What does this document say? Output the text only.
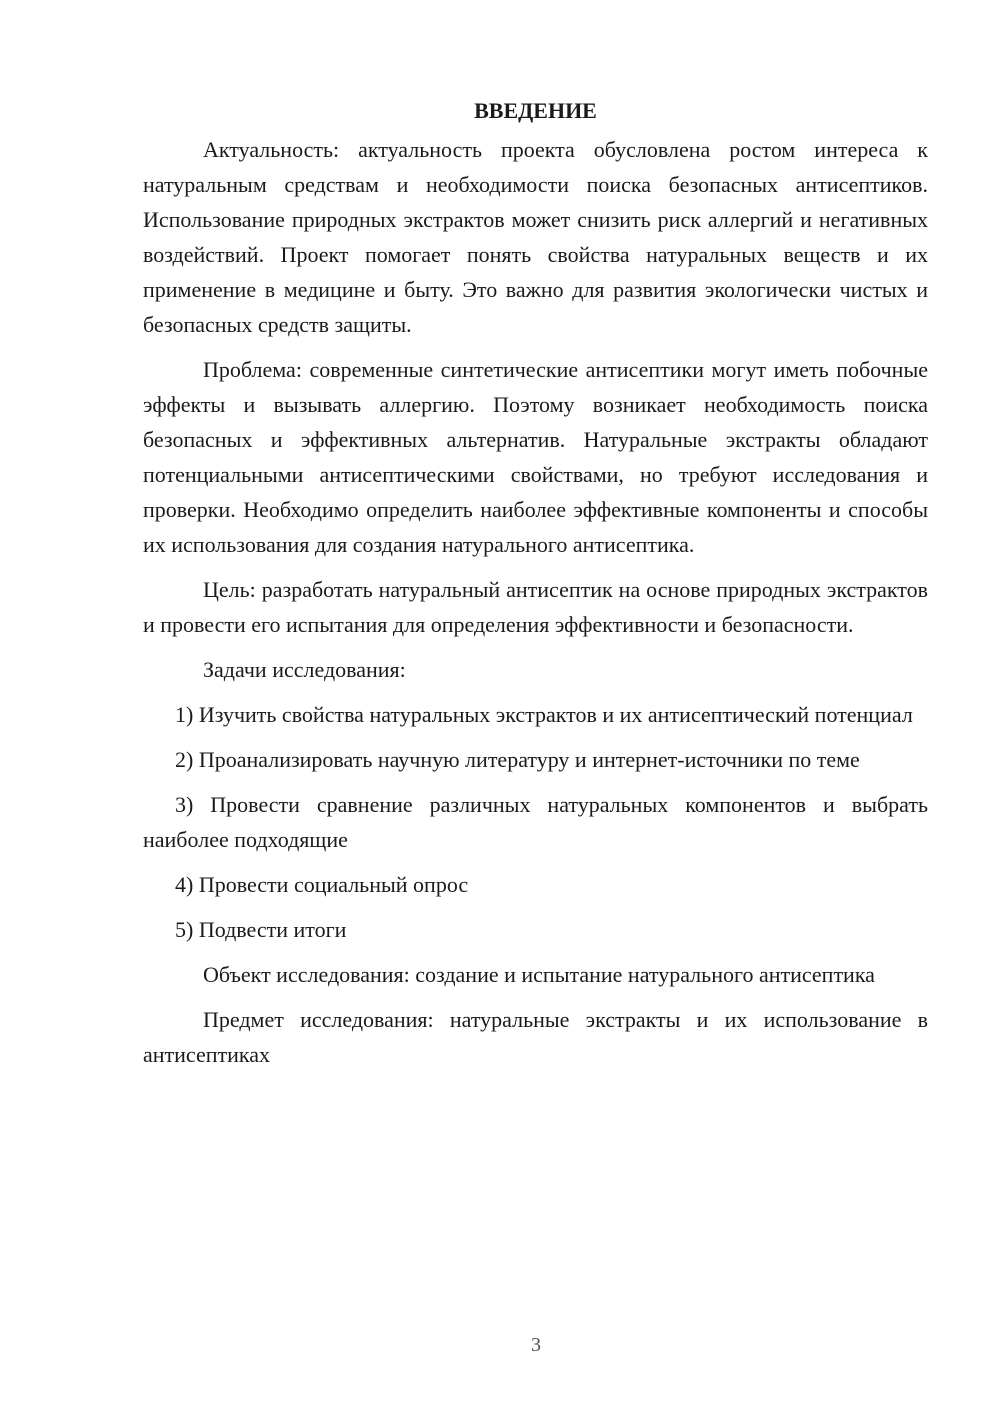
ВВЕДЕНИЕ

Актуальность: актуальность проекта обусловлена ростом интереса к натуральным средствам и необходимости поиска безопасных антисептиков. Использование природных экстрактов может снизить риск аллергий и негативных воздействий. Проект помогает понять свойства натуральных веществ и их применение в медицине и быту. Это важно для развития экологически чистых и безопасных средств защиты.

Проблема: современные синтетические антисептики могут иметь побочные эффекты и вызывать аллергию. Поэтому возникает необходимость поиска безопасных и эффективных альтернатив. Натуральные экстракты обладают потенциальными антисептическими свойствами, но требуют исследования и проверки. Необходимо определить наиболее эффективные компоненты и способы их использования для создания натурального антисептика.

Цель: разработать натуральный антисептик на основе природных экстрактов и провести его испытания для определения эффективности и безопасности.

Задачи исследования:

1) Изучить свойства натуральных экстрактов и их антисептический потенциал

2) Проанализировать научную литературу и интернет-источники по теме

3) Провести сравнение различных натуральных компонентов и выбрать наиболее подходящие

4) Провести социальный опрос

5) Подвести итоги

Объект исследования: создание и испытание натурального антисептика

Предмет исследования: натуральные экстракты и их использование в антисептиках

3
